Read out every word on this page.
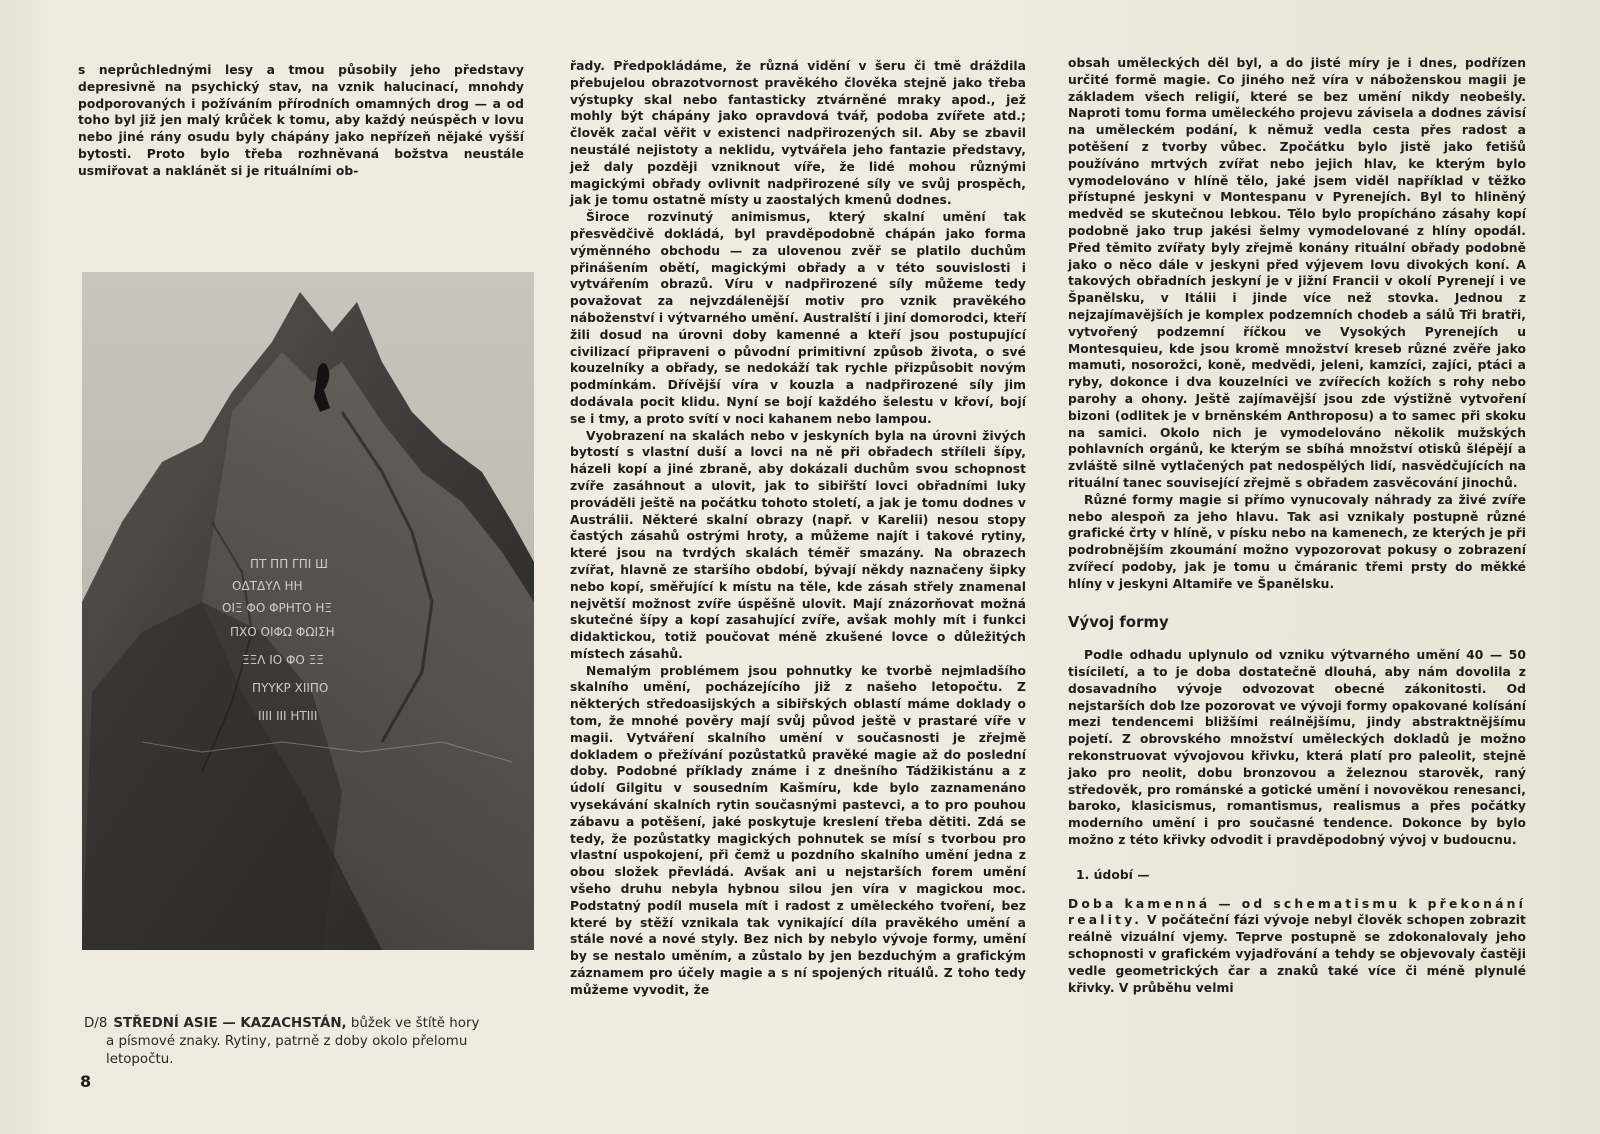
s neprůchlednými lesy a tmou působily jeho představy depresivně na psychický stav, na vznik halucinací, mnohdy podporovaných i požíváním přírodních omamných drog — a od toho byl již jen malý krůček k tomu, aby každý neúspěch v lovu nebo jiné rány osudu byly chápány jako nepřízeň nějaké vyšší bytosti. Proto bylo třeba rozhněvaná božstva neustále usmiřovat a naklánět si je rituálními ob-

ΠΤ ΠΠ ΓΠΙ Ш
ΟΔΤΔΥΛ ΗΗ
ΟΙΞ ΦΟ ΦΡΗΤΟ ΗΞ
ΠΧΟ ΟΙΦΩ ΦΩΙΣΗ
ΞΞΛ ΙΟ ΦΟ ΞΞ
ΠΥΥΚΡ ΧΙΙΠΟ
ΙΙΙΙ ΙΙΙ ΗΤΙΙΙ
D/8 STŘEDNÍ ASIE — KAZACHSTÁN, bůžek ve štítě hory
a písmové znaky. Rytiny, patrně z doby okolo přelomu letopočtu.

řady. Předpokládáme, že různá vidění v šeru či tmě dráždila přebujelou obrazotvornost pravěkého člověka stejně jako třeba výstupky skal nebo fantasticky ztvárněné mraky apod., jež mohly být chápány jako opravdová tvář, podoba zvířete atd.; člověk začal věřit v existenci nadpřirozených sil. Aby se zbavil neustálé nejistoty a neklidu, vytvářela jeho fantazie představy, jež daly později vzniknout víře, že lidé mohou různými magickými obřady ovlivnit nadpřirozené síly ve svůj prospěch, jak je tomu ostatně místy u zaostalých kmenů dodnes.

Široce rozvinutý animismus, který skalní umění tak přesvědčivě dokládá, byl pravděpodobně chápán jako forma výměnného obchodu — za ulovenou zvěř se platilo duchům přinášením obětí, magickými obřady a v této souvislosti i vytvářením obrazů. Víru v nadpřirozené síly můžeme tedy považovat za nejvzdálenější motiv pro vznik pravěkého náboženství i výtvarného umění. Australští i jiní domorodci, kteří žili dosud na úrovni doby kamenné a kteří jsou postupující civilizací připraveni o původní primitivní způsob života, o své kouzelníky a obřady, se nedokáží tak rychle přizpůsobit novým podmínkám. Dřívější víra v kouzla a nadpřirozené síly jim dodávala pocit klidu. Nyní se bojí každého šelestu v křoví, bojí se i tmy, a proto svítí v noci kahanem nebo lampou.

Vyobrazení na skalách nebo v jeskyních byla na úrovni živých bytostí s vlastní duší a lovci na ně při obřadech stříleli šípy, házeli kopí a jiné zbraně, aby dokázali duchům svou schopnost zvíře zasáhnout a ulovit, jak to sibiřští lovci obřadními luky prováděli ještě na počátku tohoto století, a jak je tomu dodnes v Austrálii. Některé skalní obrazy (např. v Karelii) nesou stopy častých zásahů ostrými hroty, a můžeme najít i takové rytiny, které jsou na tvrdých skalách téměř smazány. Na obrazech zvířat, hlavně ze staršího období, bývají někdy naznačeny šipky nebo kopí, směřující k místu na těle, kde zásah střely znamenal největší možnost zvíře úspěšně ulovit. Mají znázorňovat možná skutečné šípy a kopí zasahující zvíře, avšak mohly mít i funkci didaktickou, totiž poučovat méně zkušené lovce o důležitých místech zásahů.

Nemalým problémem jsou pohnutky ke tvorbě nejmladšího skalního umění, pocházejícího již z našeho letopočtu. Z některých středoasijských a sibiřských oblastí máme doklady o tom, že mnohé pověry mají svůj původ ještě v prastaré víře v magii. Vytváření skalního umění v současnosti je zřejmě dokladem o přežívání pozůstatků pravěké magie až do poslední doby. Podobné příklady známe i z dnešního Tádžikistánu a z údolí Gilgitu v sousedním Kašmíru, kde bylo zaznamenáno vysekávání skalních rytin současnými pastevci, a to pro pouhou zábavu a potěšení, jaké poskytuje kreslení třeba dětiti. Zdá se tedy, že pozůstatky magických pohnutek se mísí s tvorbou pro vlastní uspokojení, při čemž u pozdního skalního umění jedna z obou složek převládá. Avšak ani u nejstarších forem umění všeho druhu nebyla hybnou silou jen víra v magickou moc. Podstatný podíl musela mít i radost z uměleckého tvoření, bez které by stěží vznikala tak vynikající díla pravěkého umění a stále nové a nové styly. Bez nich by nebylo vývoje formy, umění by se nestalo uměním, a zůstalo by jen bezduchým a grafickým záznamem pro účely magie a s ní spojených rituálů. Z toho tedy můžeme vyvodit, že

obsah uměleckých děl byl, a do jisté míry je i dnes, podřízen určité formě magie. Co jiného než víra v náboženskou magii je základem všech religií, které se bez umění nikdy neobešly. Naproti tomu forma uměleckého projevu závisela a dodnes závisí na uměleckém podání, k němuž vedla cesta přes radost a potěšení z tvorby vůbec. Zpočátku bylo jistě jako fetišů používáno mrtvých zvířat nebo jejich hlav, ke kterým bylo vymodelováno v hlíně tělo, jaké jsem viděl například v těžko přístupné jeskyni v Montespanu v Pyrenejích. Byl to hliněný medvěd se skutečnou lebkou. Tělo bylo propícháno zásahy kopí podobně jako trup jakési šelmy vymodelované z hlíny opodál. Před těmito zvířaty byly zřejmě konány rituální obřady podobně jako o něco dále v jeskyni před výjevem lovu divokých koní. A takových obřadních jeskyní je v jižní Francii v okolí Pyrenejí i ve Španělsku, v Itálii i jinde více než stovka. Jednou z nejzajímavějších je komplex podzemních chodeb a sálů Tři bratři, vytvořený podzemní říčkou ve Vysokých Pyrenejích u Montesquieu, kde jsou kromě množství kreseb různé zvěře jako mamuti, nosorožci, koně, medvědi, jeleni, kamzíci, zajíci, ptáci a ryby, dokonce i dva kouzelníci ve zvířecích kožích s rohy nebo parohy a ohony. Ještě zajímavější jsou zde výstižně vytvoření bizoni (odlitek je v brněnském Anthroposu) a to samec při skoku na samici. Okolo nich je vymodelováno několik mužských pohlavních orgánů, ke kterým se sbíhá množství otisků šlépějí a zvláště silně vytlačených pat nedospělých lidí, nasvědčujících na rituální tanec související zřejmě s obřadem zasvěcování jinochů.

Různé formy magie si přímo vynucovaly náhrady za živé zvíře nebo alespoň za jeho hlavu. Tak asi vznikaly postupně různé grafické črty v hlíně, v písku nebo na kamenech, ze kterých je při podrobnějším zkoumání možno vypozorovat pokusy o zobrazení zvířecí podoby, jak je tomu u čmáranic třemi prsty do měkké hlíny v jeskyni Altamiře ve Španělsku.

Vývoj formy

Podle odhadu uplynulo od vzniku výtvarného umění 40 — 50 tisíciletí, a to je doba dostatečně dlouhá, aby nám dovolila z dosavadního vývoje odvozovat obecné zákonitosti. Od nejstarších dob lze pozorovat ve vývoji formy opakované kolísání mezi tendencemi bližšími reálnějšímu, jindy abstraktnějšímu pojetí. Z obrovského množství uměleckých dokladů je možno rekonstruovat vývojovou křivku, která platí pro paleolit, stejně jako pro neolit, dobu bronzovou a železnou starověk, raný středověk, pro románské a gotické umění i novověkou renesanci, baroko, klasicismus, romantismus, realismus a přes počátky moderního umění i pro současné tendence. Dokonce by bylo možno z této křivky odvodit i pravděpodobný vývoj v budoucnu.

1. údobí —

Doba kamenná — od schematismu k překonání reality. V počáteční fázi vývoje nebyl člověk schopen zobrazit reálně vizuální vjemy. Teprve postupně se zdokonalovaly jeho schopnosti v grafickém vyjadřování a tehdy se objevovaly častěji vedle geometrických čar a znaků také více či méně plynulé křivky. V průběhu velmi

8
